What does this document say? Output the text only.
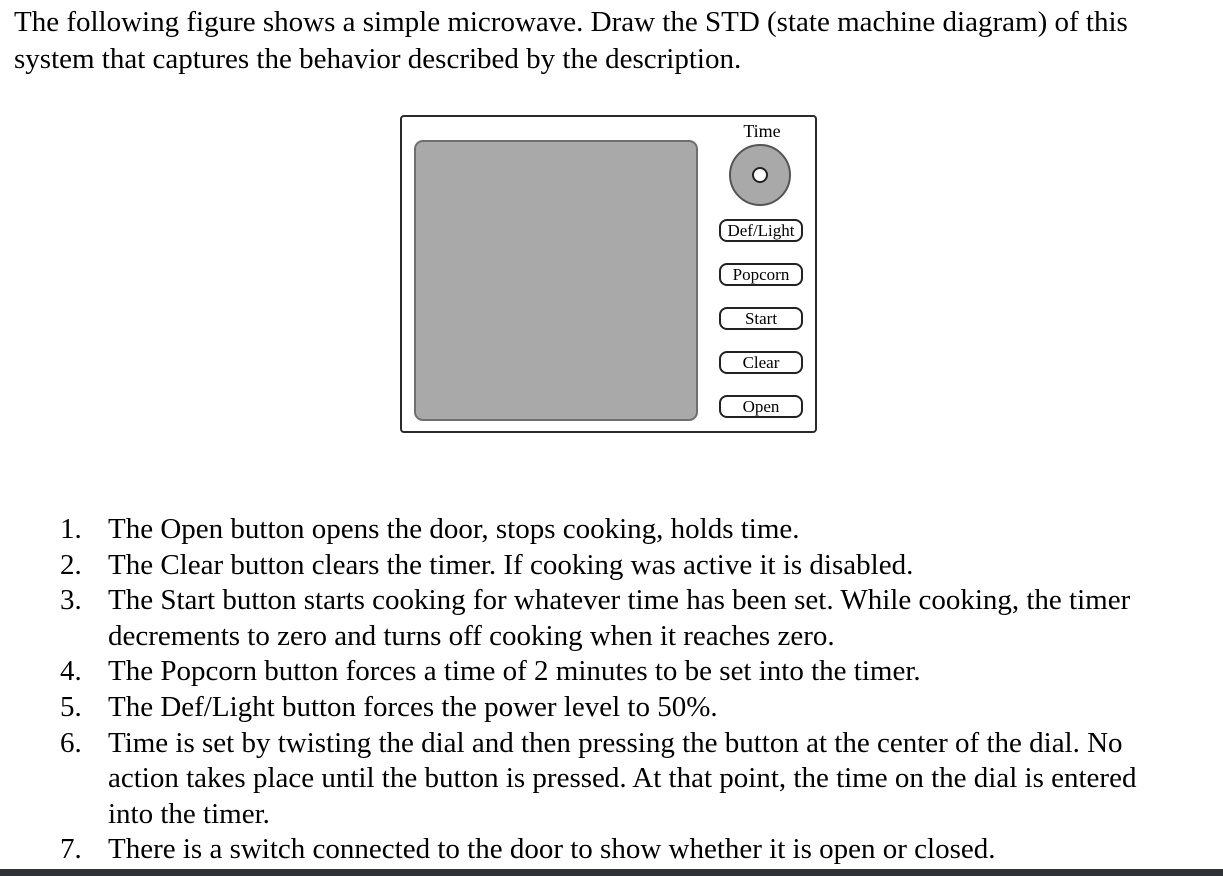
The following figure shows a simple microwave. Draw the STD (state machine diagram) of this
system that captures the behavior described by the description.

Time
Def/Light
Popcorn
Start
Clear
Open
1. The Open button opens the door, stops cooking, holds time.
2. The Clear button clears the timer. If cooking was active it is disabled.
3. The Start button starts cooking for whatever time has been set. While cooking, the timer
decrements to zero and turns off cooking when it reaches zero.
4. The Popcorn button forces a time of 2 minutes to be set into the timer.
5. The Def/Light button forces the power level to 50%.
6. Time is set by twisting the dial and then pressing the button at the center of the dial. No
action takes place until the button is pressed. At that point, the time on the dial is entered
into the timer.
7. There is a switch connected to the door to show whether it is open or closed.
